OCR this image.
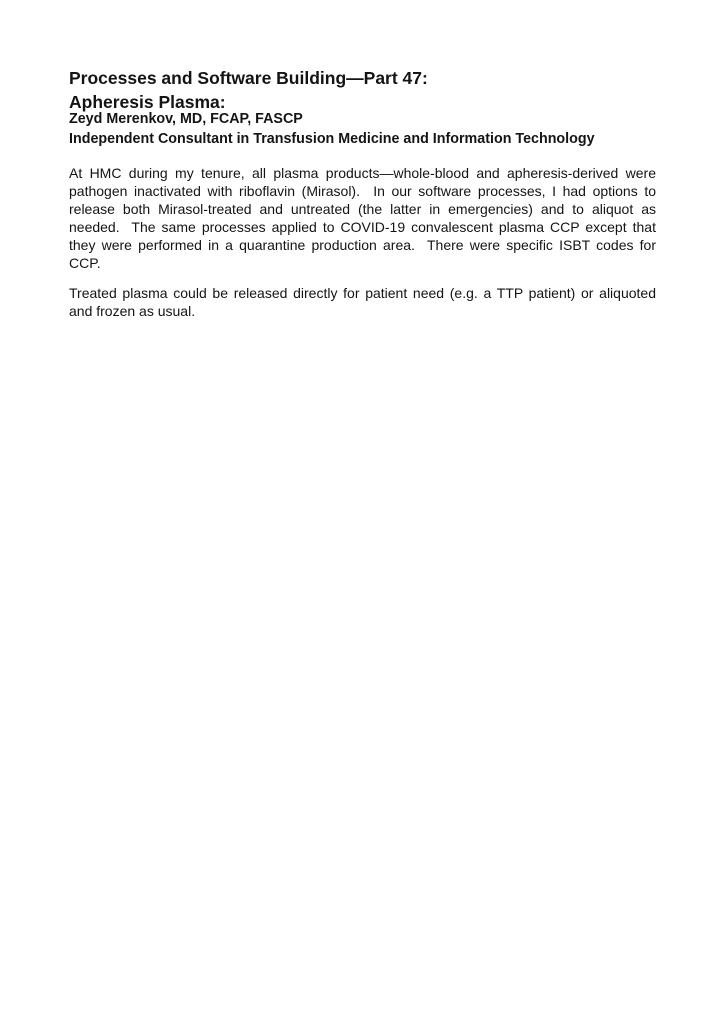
Processes and Software Building—Part 47:
Apheresis Plasma:
Zeyd Merenkov, MD, FCAP, FASCP
Independent Consultant in Transfusion Medicine and Information Technology
At HMC during my tenure, all plasma products—whole-blood and apheresis-derived were
pathogen inactivated with riboflavin (Mirasol).  In our software processes, I had options to
release both Mirasol-treated and untreated (the latter in emergencies) and to aliquot as
needed.  The same processes applied to COVID-19 convalescent plasma CCP except that
they were performed in a quarantine production area.  There were specific ISBT codes for
CCP.
Treated plasma could be released directly for patient need (e.g. a TTP patient) or aliquoted
and frozen as usual.
